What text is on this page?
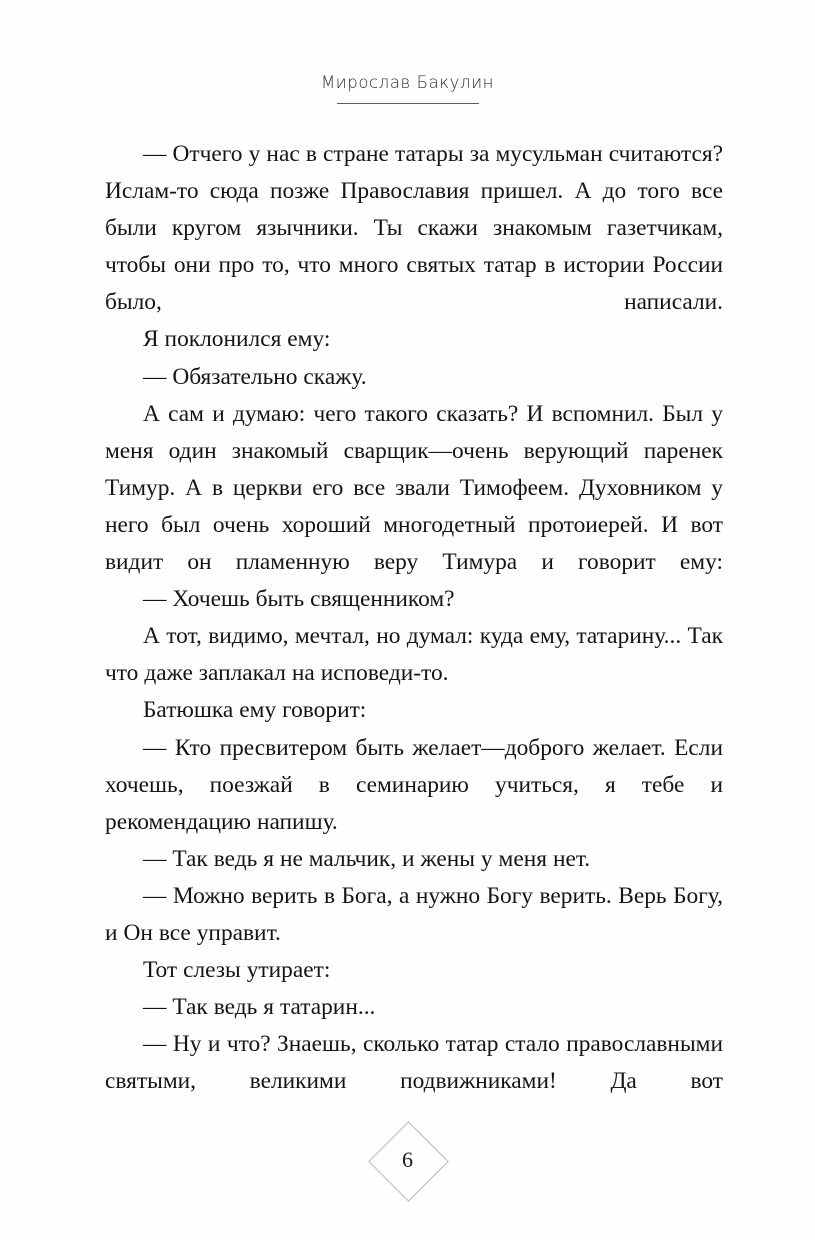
Мирослав Бакулин

— Отчего у нас в стране татары за мусульман считаются? Ислам-то сюда позже Православия пришел. А до того все были кругом язычники. Ты скажи знакомым газетчикам, чтобы они про то, что много святых татар в истории России было, написали.

Я поклонился ему:

— Обязательно скажу.

А сам и думаю: чего такого сказать? И вспомнил. Был у меня один знакомый сварщик—очень верующий паренек Тимур. А в церкви его все звали Тимофеем. Духовником у него был очень хороший многодетный протоиерей. И вот видит он пламенную веру Тимура и говорит ему:

— Хочешь быть священником?

А тот, видимо, мечтал, но думал: куда ему, татарину... Так что даже заплакал на исповеди-то.

Батюшка ему говорит:

— Кто пресвитером быть желает—доброго желает. Если хочешь, поезжай в семинарию учиться, я тебе и рекомендацию напишу.

— Так ведь я не мальчик, и жены у меня нет.

— Можно верить в Бога, а нужно Богу верить. Верь Богу, и Он все управит.

Тот слезы утирает:

— Так ведь я татарин...

— Ну и что? Знаешь, сколько татар стало православными святыми, великими подвижниками! Да вот

6
